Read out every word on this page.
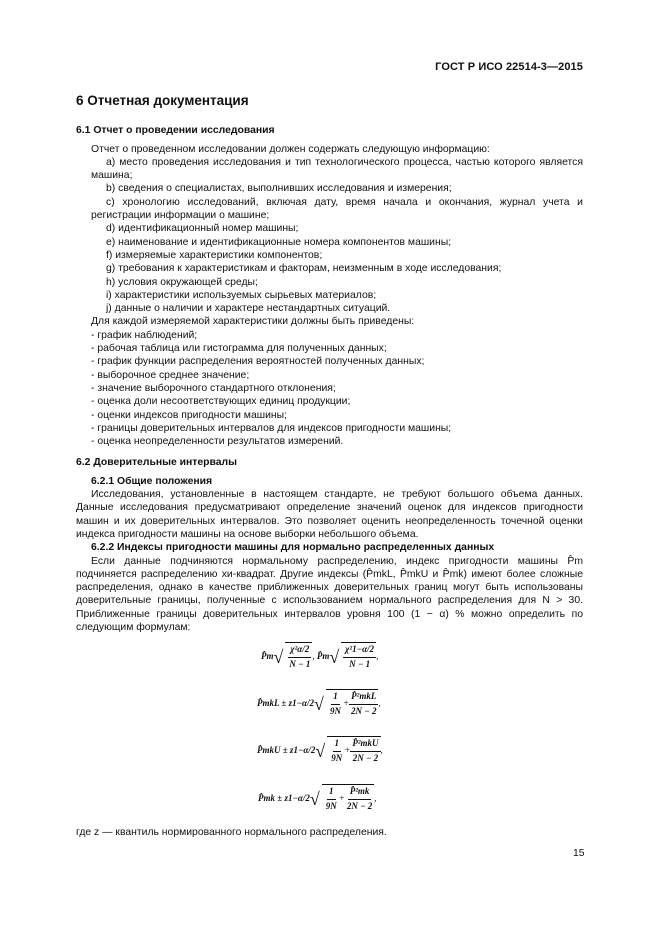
ГОСТ Р ИСО 22514-3—2015
6 Отчетная документация
6.1 Отчет о проведении исследования
Отчет о проведенном исследовании должен содержать следующую информацию:
a) место проведения исследования и тип технологического процесса, частью которого является машина;
b) сведения о специалистах, выполнивших исследования и измерения;
c) хронологию исследований, включая дату, время начала и окончания, журнал учета и регистрации информации о машине;
d) идентификационный номер машины;
e) наименование и идентификационные номера компонентов машины;
f) измеряемые характеристики компонентов;
g) требования к характеристикам и факторам, неизменным в ходе исследования;
h) условия окружающей среды;
i) характеристики используемых сырьевых материалов;
j) данные о наличии и характере нестандартных ситуаций.
Для каждой измеряемой характеристики должны быть приведены:
- график наблюдений;
- рабочая таблица или гистограмма для полученных данных;
- график функции распределения вероятностей полученных данных;
- выборочное среднее значение;
- значение выборочного стандартного отклонения;
- оценка доли несоответствующих единиц продукции;
- оценки индексов пригодности машины;
- границы доверительных интервалов для индексов пригодности машины;
- оценка неопределенности результатов измерений.
6.2 Доверительные интервалы
6.2.1 Общие положения
Исследования, установленные в настоящем стандарте, не требуют большого объема данных. Данные исследования предусматривают определение значений оценок для индексов пригодности машин и их доверительных интервалов. Это позволяет оценить неопределенность точечной оценки индекса пригодности машины на основе выборки небольшого объема.
6.2.2 Индексы пригодности машины для нормально распределенных данных
Если данные подчиняются нормальному распределению, индекс пригодности машины P̂m подчиняется распределению хи-квадрат. Другие индексы (P̂mkL, P̂mkU и P̂mk) имеют более сложные распределения, однако в качестве приближенных доверительных границ могут быть использованы доверительные границы, полученные с использованием нормального распределения для N > 30. Приближенные границы доверительных интервалов уровня 100 (1 − α) % можно определить по следующим формулам:
P̂m √ $\frac{\text{χ²α/2}}{N - 1}$ ,
P̂m √ $\frac{\text{χ²1−α/2}}{N - 1}$ ,
P̂mkL ± z1−α/2 √ $\frac{1}{9N} + \frac{\text{P̂²mkL}}{2N - 2}$ ,
P̂mkU ± z1−α/2 √ $\frac{1}{9N} + \frac{\text{P̂²mkU}}{2N - 2}$ ,
P̂mk ± z1−α/2 √ $\frac{1}{9N} + \frac{\text{P̂²mk}}{2N - 2}$ ,
где z — квантиль нормированного нормального распределения.
15
